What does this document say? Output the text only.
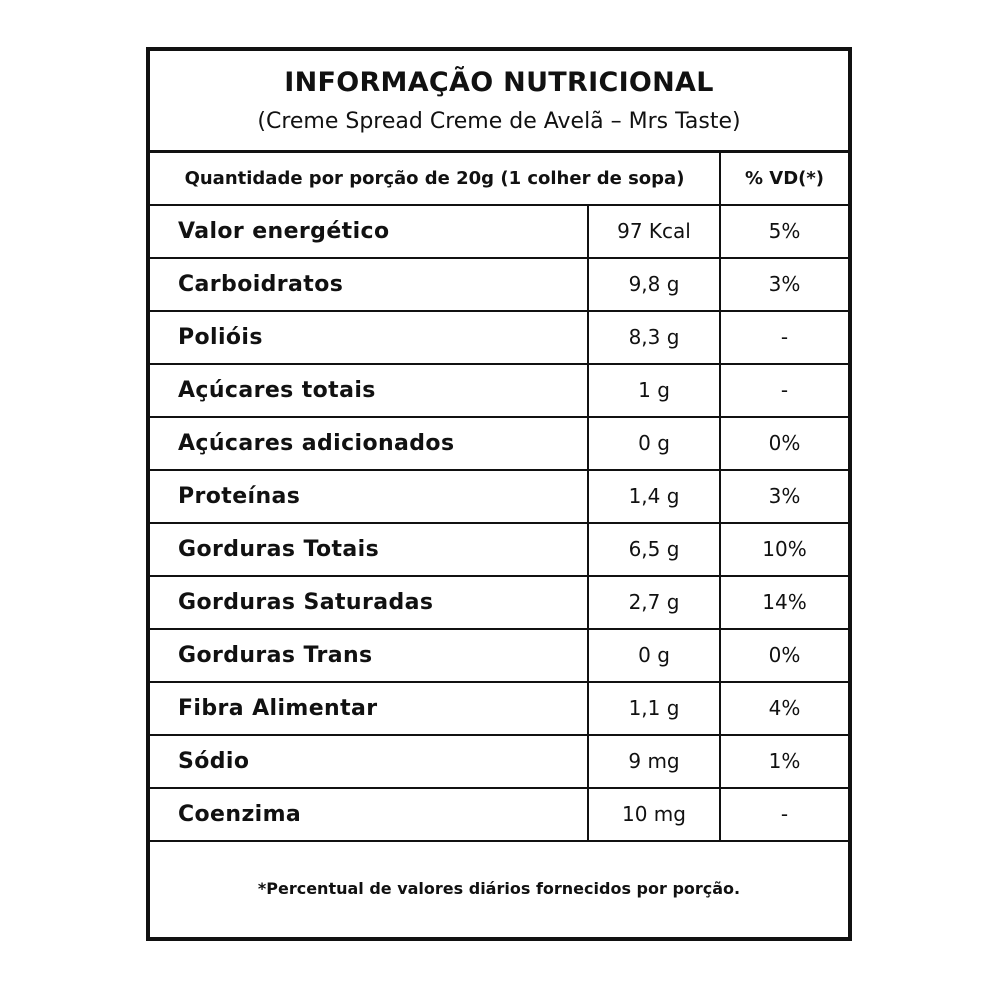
INFORMAÇÃO NUTRICIONAL
(Creme Spread Creme de Avelã – Mrs Taste)
Quantidade por porção de 20g (1 colher de sopa)	% VD(*)
Valor energético	97 Kcal	5%
Carboidratos	9,8 g	3%
Polióis	8,3 g	-
Açúcares totais	1 g	-
Açúcares adicionados	0 g	0%
Proteínas	1,4 g	3%
Gorduras Totais	6,5 g	10%
Gorduras Saturadas	2,7 g	14%
Gorduras Trans	0 g	0%
Fibra Alimentar	1,1 g	4%
Sódio	9 mg	1%
Coenzima	10 mg	-
*Percentual de valores diários fornecidos por porção.
